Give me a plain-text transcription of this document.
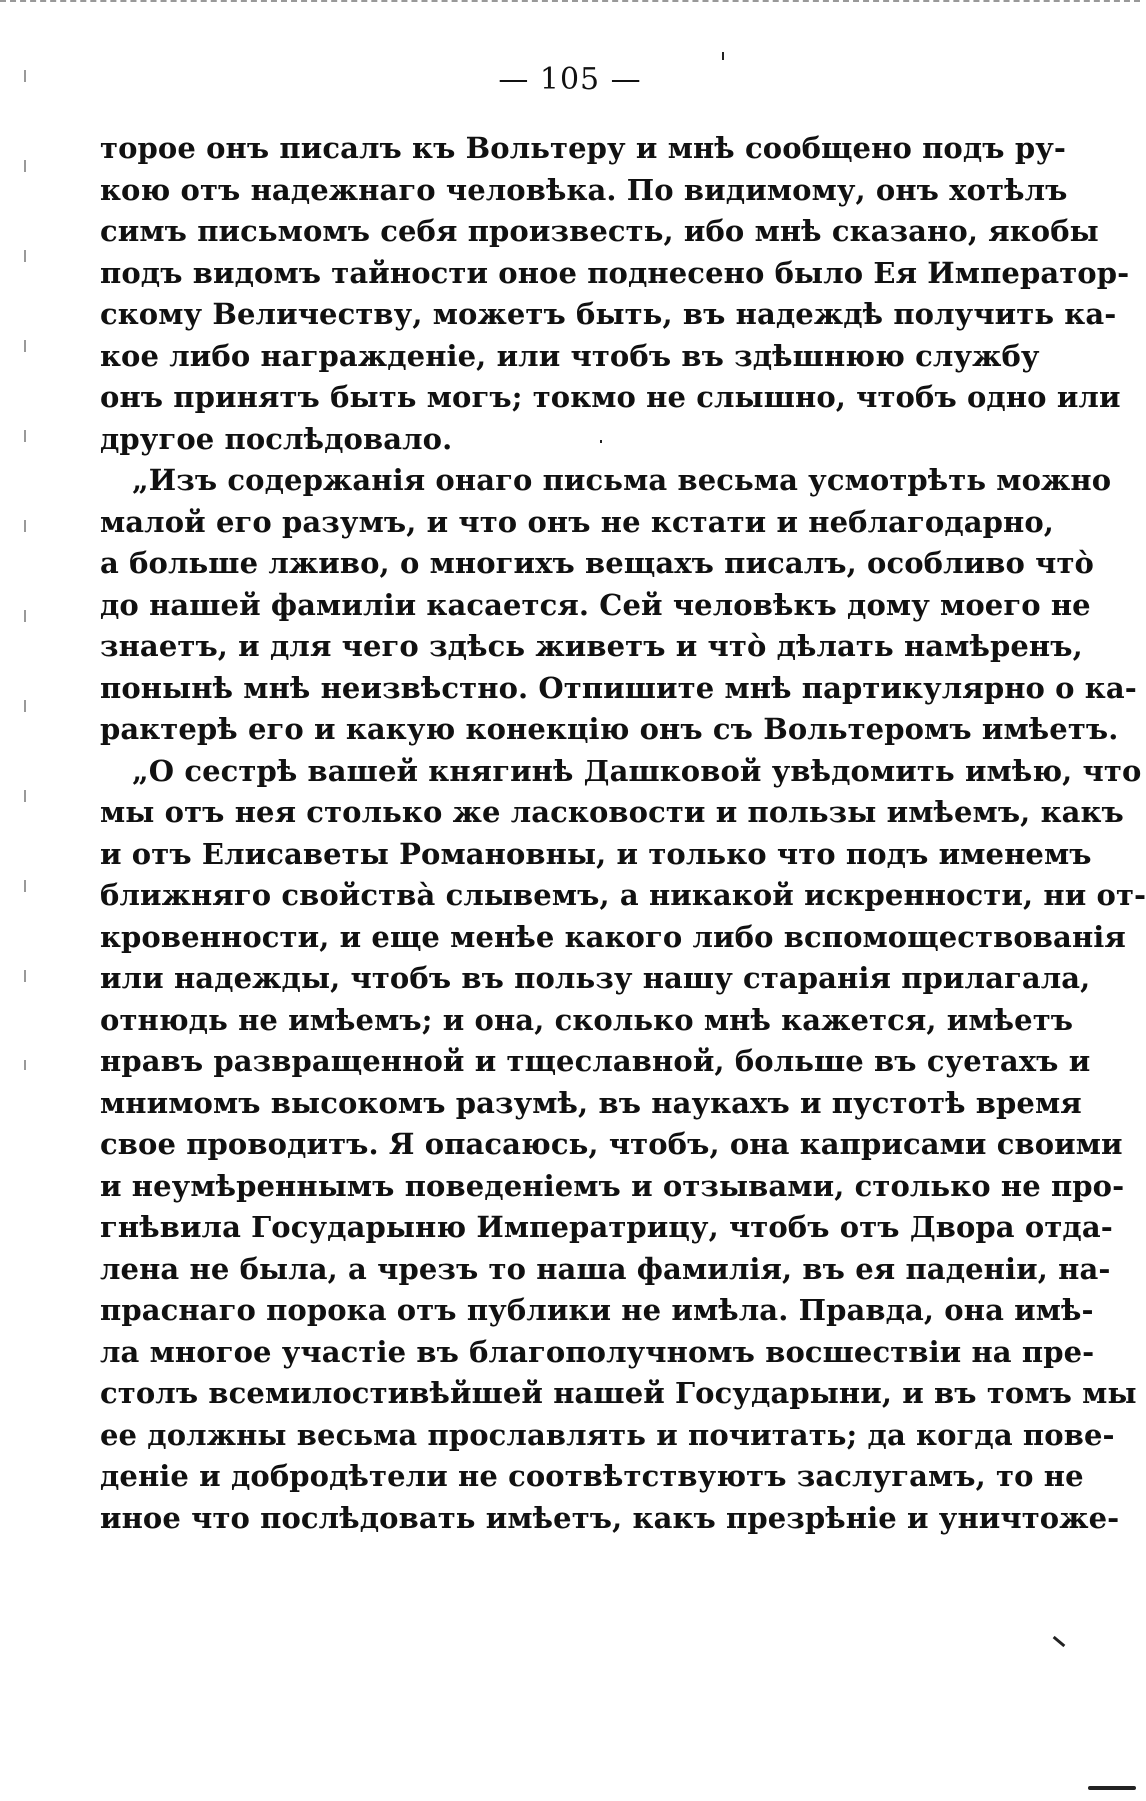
— 105 —
торое онъ писалъ къ Вольтеру и мнѣ сообщено подъ ру-
кою отъ надежнаго человѣка. По видимому, онъ хотѣлъ
симъ письмомъ себя произвесть, ибо мнѣ сказано, якобы
подъ видомъ тайности оное поднесено было Ея Император-
скому Величеству, можетъ быть, въ надеждѣ получить ка-
кое либо награжденіе, или чтобъ въ здѣшнюю службу
онъ принятъ быть могъ; токмо не слышно, чтобъ одно или
другое послѣдовало.
„Изъ содержанія онаго письма весьма усмотрѣть можно
малой его разумъ, и что онъ не кстати и неблагодарно,
а больше лживо, о многихъ вещахъ писалъ, особливо что̀
до нашей фамиліи касается. Сей человѣкъ дому моего не
знаетъ, и для чего здѣсь живетъ и что̀ дѣлать намѣренъ,
понынѣ мнѣ неизвѣстно. Отпишите мнѣ партикулярно о ка-
рактерѣ его и какую конекцію онъ съ Вольтеромъ имѣетъ.
„О сестрѣ вашей княгинѣ Дашковой увѣдомить имѣю, что
мы отъ нея столько же ласковости и пользы имѣемъ, какъ
и отъ Елисаветы Романовны, и только что подъ именемъ
ближняго свойства̀ слывемъ, а никакой искренности, ни от-
кровенности, и еще менѣе какого либо вспомоществованія
или надежды, чтобъ въ пользу нашу старанія прилагала,
отнюдь не имѣемъ; и она, сколько мнѣ кажется, имѣетъ
нравъ развращенной и тщеславной, больше въ суетахъ и
мнимомъ высокомъ разумѣ, въ наукахъ и пустотѣ время
свое проводитъ. Я опасаюсь, чтобъ, она каприсами своими
и неумѣреннымъ поведеніемъ и отзывами, столько не про-
гнѣвила Государыню Императрицу, чтобъ отъ Двора отда-
лена не была, а чрезъ то наша фамилія, въ ея паденіи, на-
праснаго порока отъ публики не имѣла. Правда, она имѣ-
ла многое участіе въ благополучномъ восшествіи на пре-
столъ всемилостивѣйшей нашей Государыни, и въ томъ мы
ее должны весьма прославлять и почитать; да когда пове-
деніе и добродѣтели не соотвѣтствуютъ заслугамъ, то не
иное что послѣдовать имѣетъ, какъ презрѣніе и уничтоже-
